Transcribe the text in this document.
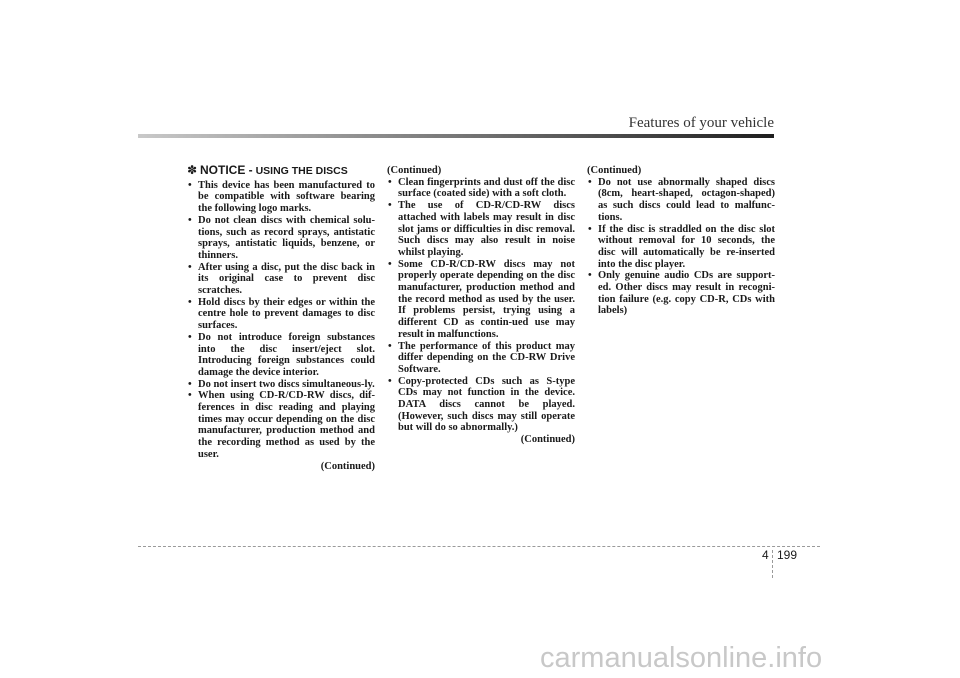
Features of your vehicle
✽ NOTICE - USING THE DISCS
• This device has been manufactured to be compatible with software bearing the following logo marks.
• Do not clean discs with chemical solu-tions, such as record sprays, antistatic sprays, antistatic liquids, benzene, or thinners.
• After using a disc, put the disc back in its original case to prevent disc scratches.
• Hold discs by their edges or within the centre hole to prevent damages to disc surfaces.
• Do not introduce foreign substances into the disc insert/eject slot. Introducing foreign substances could damage the device interior.
• Do not insert two discs simultaneous-ly.
• When using CD-R/CD-RW discs, dif-ferences in disc reading and playing times may occur depending on the disc manufacturer, production method and the recording method as used by the user.
(Continued)
(Continued)
• Clean fingerprints and dust off the disc surface (coated side) with a soft cloth.
• The use of CD-R/CD-RW discs attached with labels may result in disc slot jams or difficulties in disc removal. Such discs may also result in noise whilst playing.
• Some CD-R/CD-RW discs may not properly operate depending on the disc manufacturer, production method and the record method as used by the user. If problems persist, trying using a different CD as contin-ued use may result in malfunctions.
• The performance of this product may differ depending on the CD-RW Drive Software.
• Copy-protected CDs such as S-type CDs may not function in the device. DATA discs cannot be played. (However, such discs may still operate but will do so abnormally.)
(Continued)
(Continued)
• Do not use abnormally shaped discs (8cm, heart-shaped, octagon-shaped) as such discs could lead to malfunc-tions.
• If the disc is straddled on the disc slot without removal for 10 seconds, the disc will automatically be re-inserted into the disc player.
• Only genuine audio CDs are support-ed. Other discs may result in recogni-tion failure (e.g. copy CD-R, CDs with labels)
4 199
carmanualsonline.info
